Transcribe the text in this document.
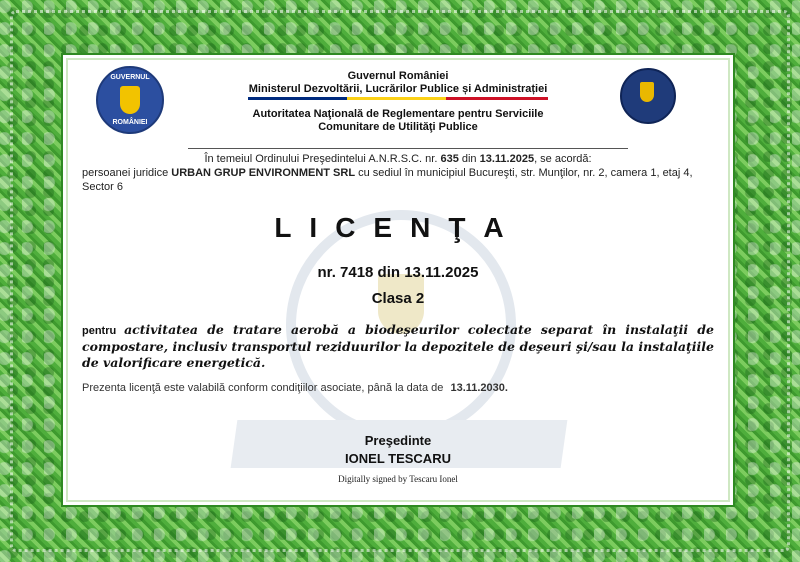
GUVERNUL
ROMÂNIEI
Guvernul României
Ministerul Dezvoltării, Lucrărilor Publice și Administrației
Autoritatea Naţională de Reglementare pentru Serviciile
Comunitare de Utilităţi Publice
În temeiul Ordinului Preşedintelui A.N.R.S.C. nr. 635 din 13.11.2025, se acordă:
persoanei juridice URBAN GRUP ENVIRONMENT SRL cu sediul în municipiul Bucureşti, str. Munţilor, nr. 2, camera 1, etaj 4, Sector 6
LICENŢA
nr. 7418 din 13.11.2025
Clasa 2
pentru activitatea de tratare aerobă a biodeşeurilor colectate separat în instalaţii de compostare, inclusiv transportul reziduurilor la depozitele de deşeuri şi/sau la instalaţiile de valorificare energetică.
Prezenta licenţă este valabilă conform condiţiilor asociate, până la data de 13.11.2030.
Preşedinte
IONEL TESCARU
Digitally signed by Tescaru Ionel
